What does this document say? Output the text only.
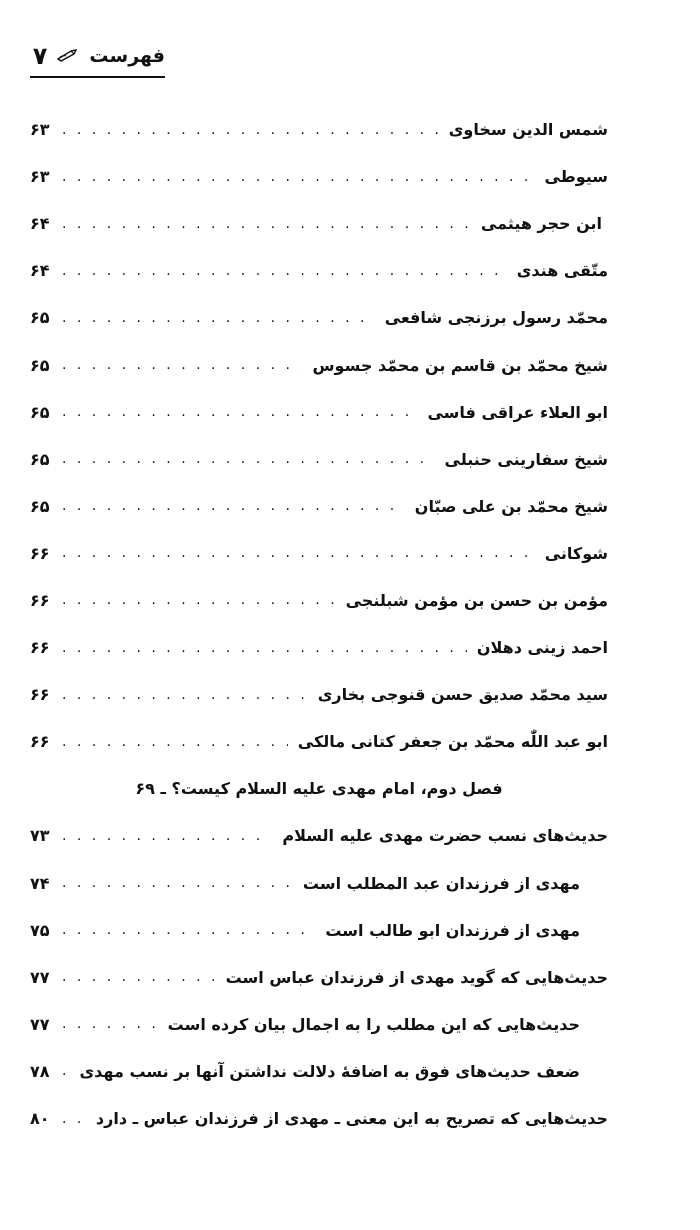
فهرست
۷
شمس الدين سخاوی
. . .
۶۳
سيوطی
. . .
۶۳
ابن حجر هيثمی
. . .
۶۴
متّقی هندی
. . .
۶۴
محمّد رسول برزنجی شافعی
. . .
۶۵
شيخ محمّد بن قاسم بن محمّد جسوس
. . .
۶۵
ابو العلاء عراقی فاسی
. . .
۶۵
شيخ سفارينی حنبلی
. . .
۶۵
شيخ محمّد بن علی صبّان
. . .
۶۵
شوكانی
. . .
۶۶
مؤمن بن حسن بن مؤمن شبلنجی
. . .
۶۶
احمد زينی دهلان
. . .
۶۶
سيد محمّد صديق حسن قنوجی بخاری
. . .
۶۶
ابو عبد اللّٰه محمّد بن جعفر كتانی مالكی
. . .
۶۶
فصل دوم، امام مهدی عليه السلام كيست؟ ـ ۶۹
حديث‌های نسب حضرت مهدی عليه السلام
. . .
۷۳
مهدی از فرزندان عبد المطلب است
. . .
۷۴
مهدی از فرزندان ابو طالب است
. . .
۷۵
حديث‌هايی كه گويد مهدی از فرزندان عباس است
. . .
۷۷
حديث‌هايی كه اين مطلب را به اجمال بيان كرده است
. . .
۷۷
ضعف حديث‌های فوق به اضافهٔ دلالت نداشتن آنها بر نسب مهدی
. . .
۷۸
حديث‌هايی كه تصريح به اين معنی ـ مهدی از فرزندان عباس ـ دارد
. . .
۸۰
